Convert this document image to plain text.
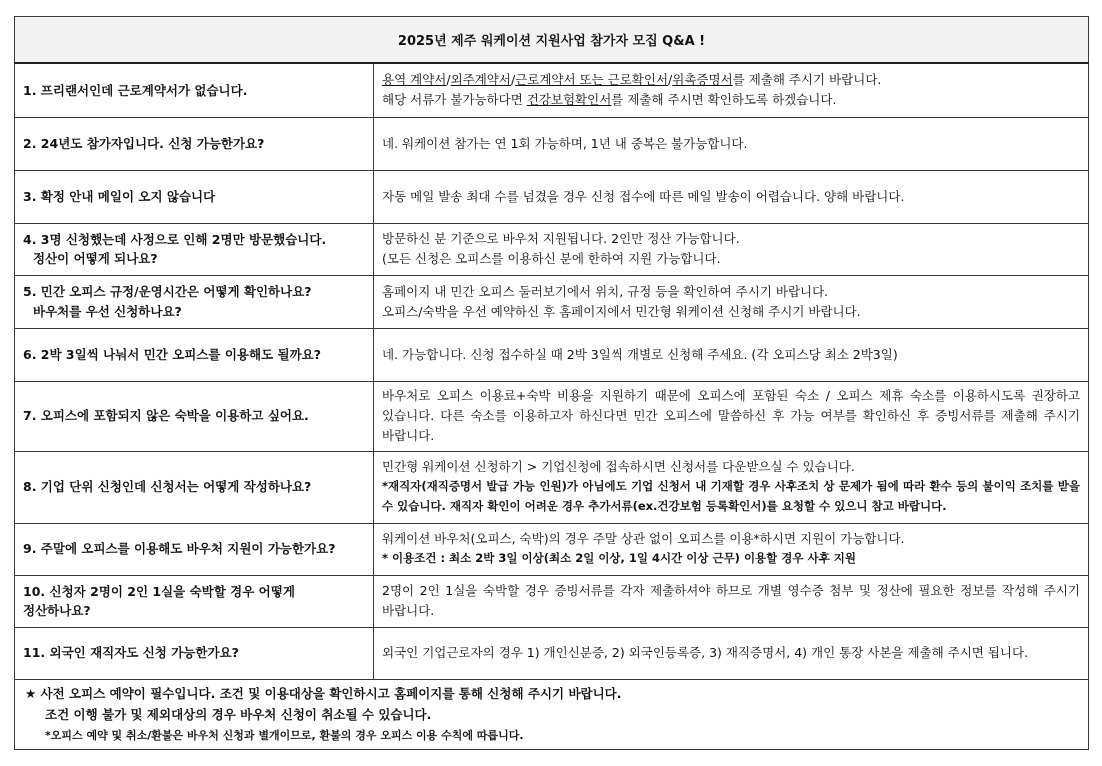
2025년 제주 워케이션 지원사업 참가자 모집 Q&A !	
1. 프리랜서인데 근로계약서가 없습니다.	용역 계약서/외주계약서/근로계약서 또는 근로확인서/위촉증명서를 제출해 주시기 바랍니다.
해당 서류가 불가능하다면 건강보험확인서를 제출해 주시면 확인하도록 하겠습니다.

2. 24년도 참가자입니다. 신청 가능한가요?	네. 워케이션 참가는 연 1회 가능하며, 1년 내 중복은 불가능합니다.
3. 확정 안내 메일이 오지 않습니다	자동 메일 발송 최대 수를 넘겼을 경우 신청 접수에 따른 메일 발송이 어렵습니다. 양해 바랍니다.
4. 3명 신청했는데 사정으로 인해 2명만 방문했습니다.
정산이 어떻게 되나요?	방문하신 분 기준으로 바우처 지원됩니다. 2인만 정산 가능합니다.
(모든 신청은 오피스를 이용하신 분에 한하여 지원 가능합니다.

5. 민간 오피스 규정/운영시간은 어떻게 확인하나요?
바우처를 우선 신청하나요?	홈페이지 내 민간 오피스 둘러보기에서 위치, 규정 등을 확인하여 주시기 바랍니다.
오피스/숙박을 우선 예약하신 후 홈페이지에서 민간형 워케이션 신청해 주시기 바랍니다.

6. 2박 3일씩 나눠서 민간 오피스를 이용해도 될까요?	네. 가능합니다. 신청 접수하실 때 2박 3일씩 개별로 신청해 주세요. (각 오피스당 최소 2박3일)
7. 오피스에 포함되지 않은 숙박을 이용하고 싶어요.	바우처로 오피스 이용료+숙박 비용을 지원하기 때문에 오피스에 포함된 숙소 / 오피스 제휴 숙소를 이용하시도록 권장하고 있습니다. 다른 숙소를 이용하고자 하신다면 민간 오피스에 말씀하신 후 가능 여부를 확인하신 후 증빙서류를 제출해 주시기 바랍니다.
8. 기업 단위 신청인데 신청서는 어떻게 작성하나요?	민간형 워케이션 신청하기 > 기업신청에 접속하시면 신청서를 다운받으실 수 있습니다.
*재직자(재직증명서 발급 가능 인원)가 아님에도 기업 신청서 내 기재할 경우 사후조치 상 문제가 됨에 따라 환수 등의 불이익 조치를 받을 수 있습니다. 재직자 확인이 어려운 경우 추가서류(ex.건강보험 등록확인서)를 요청할 수 있으니 참고 바랍니다.

9. 주말에 오피스를 이용해도 바우처 지원이 가능한가요?	워케이션 바우처(오피스, 숙박)의 경우 주말 상관 없이 오피스를 이용*하시면 지원이 가능합니다.
* 이용조건 : 최소 2박 3일 이상(최소 2일 이상, 1일 4시간 이상 근무) 이용할 경우 사후 지원

10. 신청자 2명이 2인 1실을 숙박할 경우 어떻게 정산하나요?	2명이 2인 1실을 숙박할 경우 증빙서류를 각자 제출하셔야 하므로 개별 영수증 첨부 및 정산에 필요한 정보를 작성해 주시기 바랍니다.
11. 외국인 재직자도 신청 가능한가요?	외국인 기업근로자의 경우 1) 개인신분증, 2) 외국인등록증, 3) 재직증명서, 4) 개인 통장 사본을 제출해 주시면 됩니다.

★ 사전 오피스 예약이 필수입니다. 조건 및 이용대상을 확인하시고 홈페이지를 통해 신청해 주시기 바랍니다.
조건 이행 불가 및 제외대상의 경우 바우처 신청이 취소될 수 있습니다.
*오피스 예약 및 취소/환불은 바우처 신청과 별개이므로, 환불의 경우 오피스 이용 수칙에 따릅니다.	
